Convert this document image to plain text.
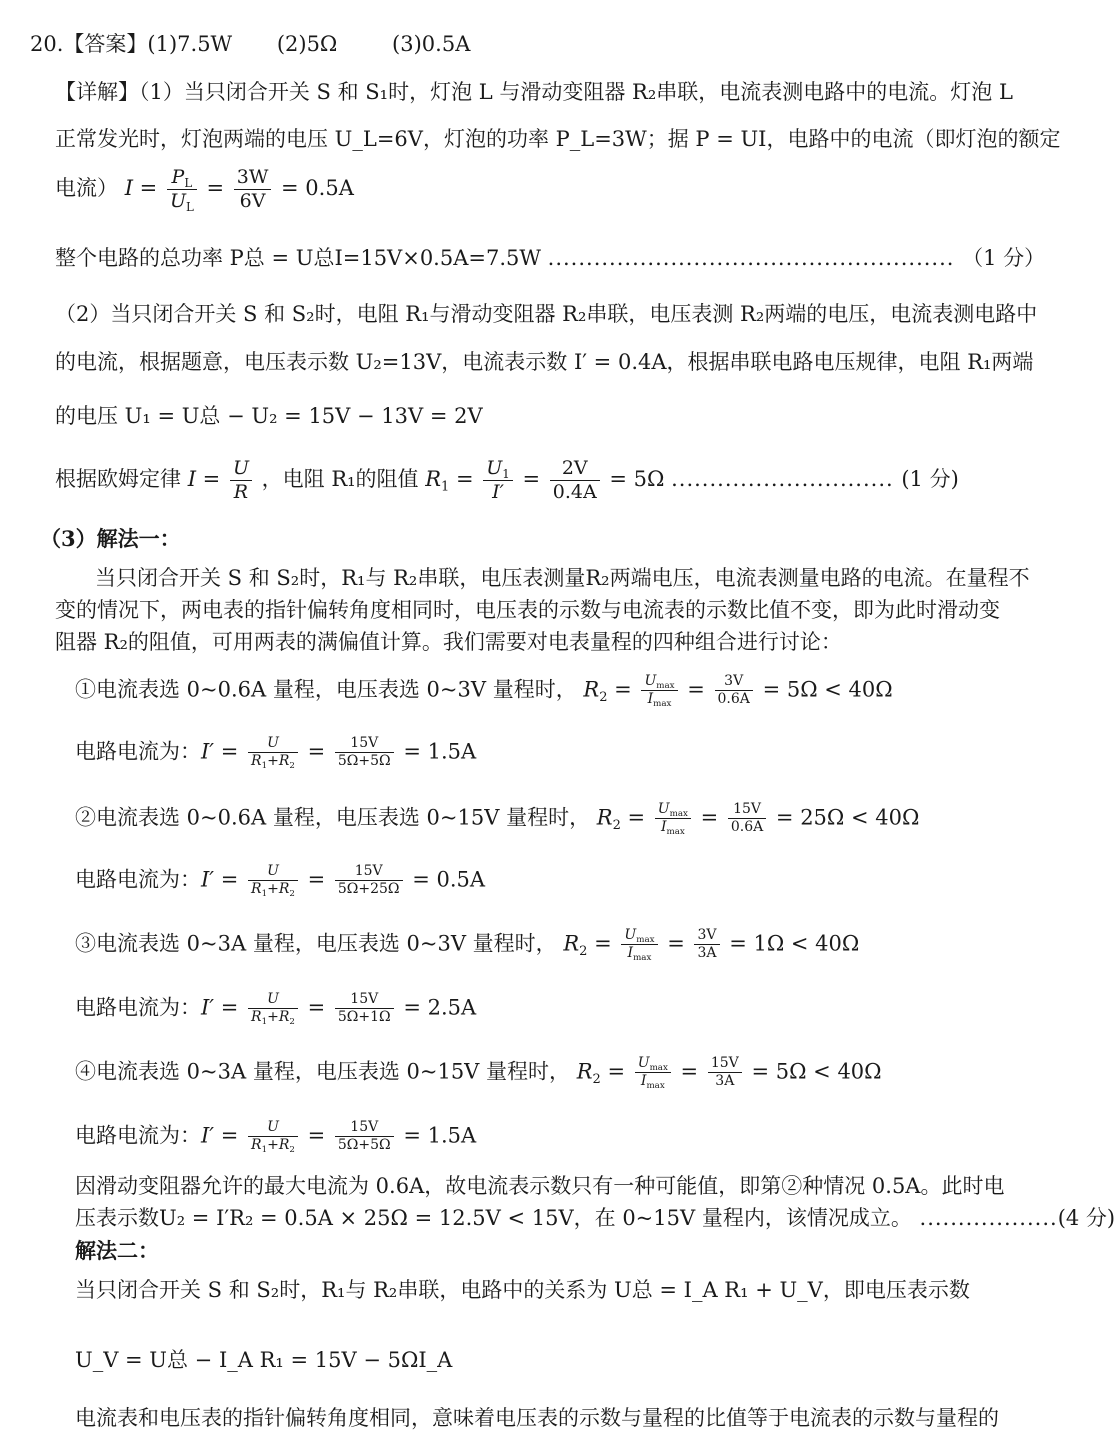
20.【答案】(1)7.5W (2)5Ω	(3)0.5A
【详解】（1）当只闭合开关 S 和 S₁时，灯泡 L 与滑动变阻器 R₂串联，电流表测电路中的电流。灯泡 L
正常发光时，灯泡两端的电压 U_L=6V，灯泡的功率 P_L=3W；据 P = UI，电路中的电流（即灯泡的额定
电流） $I = \frac{P_L}{U_L} = \frac{3W}{6V} = 0.5A$
整个电路的总功率 P总 = U总I=15V×0.5A=7.5W ..................................................... （1 分）
（2）当只闭合开关 S 和 S₂时，电阻 R₁与滑动变阻器 R₂串联，电压表测 R₂两端的电压，电流表测电路中
的电流，根据题意，电压表示数 U₂=13V，电流表示数 I′ = 0.4A，根据串联电路电压规律，电阻 R₁两端
的电压 U₁ = U总 − U₂ = 15V − 13V = 2V
根据欧姆定律 $I = \frac{U}{R}$ ，电阻 R₁的阻值 $R_1 = \frac{U_1}{I'} = \frac{2V}{0.4A} = 5\Omega$ ............................. (1 分)
（3）解法一：
当只闭合开关 S 和 S₂时，R₁与 R₂串联，电压表测量R₂两端电压，电流表测量电路的电流。在量程不
变的情况下，两电表的指针偏转角度相同时，电压表的示数与电流表的示数比值不变，即为此时滑动变
阻器 R₂的阻值，可用两表的满偏值计算。我们需要对电表量程的四种组合进行讨论：
①电流表选 0~0.6A 量程，电压表选 0~3V 量程时， $R_2 = \frac{U_{max}}{I_{max}} = \frac{3V}{0.6A} = 5\Omega < 40\Omega$
电路电流为：$I' = \frac{U}{R_1+R_2} = \frac{15V}{5\Omega+5\Omega} = 1.5A$
②电流表选 0~0.6A 量程，电压表选 0~15V 量程时， $R_2 = \frac{U_{max}}{I_{max}} = \frac{15V}{0.6A} = 25\Omega < 40\Omega$
电路电流为：$I' = \frac{U}{R_1+R_2} = \frac{15V}{5\Omega+25\Omega} = 0.5A$
③电流表选 0~3A 量程，电压表选 0~3V 量程时， $R_2 = \frac{U_{max}}{I_{max}} = \frac{3V}{3A} = 1\Omega < 40\Omega$
电路电流为：$I' = \frac{U}{R_1+R_2} = \frac{15V}{5\Omega+1\Omega} = 2.5A$
④电流表选 0~3A 量程，电压表选 0~15V 量程时， $R_2 = \frac{U_{max}}{I_{max}} = \frac{15V}{3A} = 5\Omega < 40\Omega$
电路电流为：$I' = \frac{U}{R_1+R_2} = \frac{15V}{5\Omega+5\Omega} = 1.5A$
因滑动变阻器允许的最大电流为 0.6A，故电流表示数只有一种可能值，即第②种情况 0.5A。此时电
压表示数U₂ = I′R₂ = 0.5A × 25Ω = 12.5V < 15V，在 0~15V 量程内，该情况成立。 ..................(4 分)
解法二：
当只闭合开关 S 和 S₂时，R₁与 R₂串联，电路中的关系为 U总 = I_A R₁ + U_V，即电压表示数
U_V = U总 − I_A R₁ = 15V − 5ΩI_A
电流表和电压表的指针偏转角度相同，意味着电压表的示数与量程的比值等于电流表的示数与量程的
